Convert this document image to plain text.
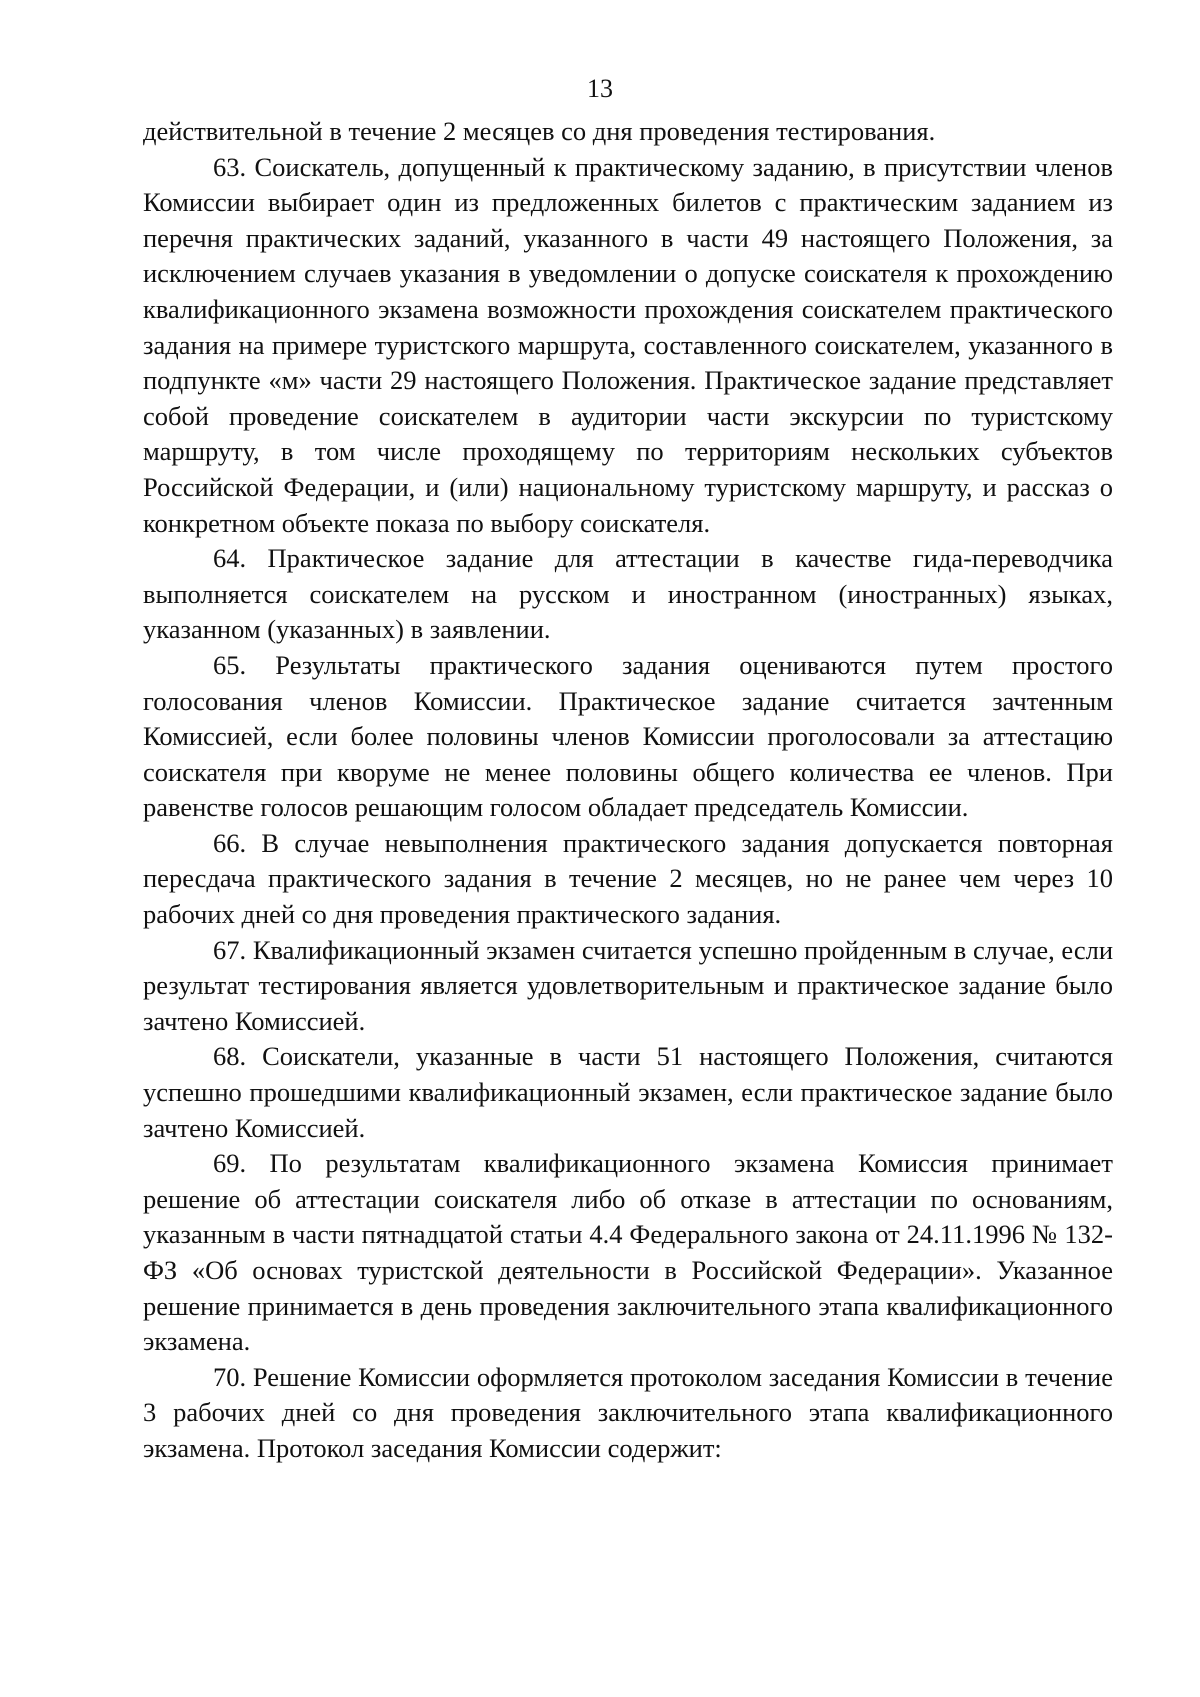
13

действительной в течение 2 месяцев со дня проведения тестирования.

63. Соискатель, допущенный к практическому заданию, в присутствии членов Комиссии выбирает один из предложенных билетов с практическим заданием из перечня практических заданий, указанного в части 49 настоящего Положения, за исключением случаев указания в уведомлении о допуске соискателя к прохождению квалификационного экзамена возможности прохождения соискателем практического задания на примере туристского маршрута, составленного соискателем, указанного в подпункте «м» части 29 настоящего Положения. Практическое задание представляет собой проведение соискателем в аудитории части экскурсии по туристскому маршруту, в том числе проходящему по территориям нескольких субъектов Российской Федерации, и (или) национальному туристскому маршруту, и рассказ о конкретном объекте показа по выбору соискателя.

64. Практическое задание для аттестации в качестве гида-переводчика выполняется соискателем на русском и иностранном (иностранных) языках, указанном (указанных) в заявлении.

65. Результаты практического задания оцениваются путем простого голосования членов Комиссии. Практическое задание считается зачтенным Комиссией, если более половины членов Комиссии проголосовали за аттестацию соискателя при кворуме не менее половины общего количества ее членов. При равенстве голосов решающим голосом обладает председатель Комиссии.

66. В случае невыполнения практического задания допускается повторная пересдача практического задания в течение 2 месяцев, но не ранее чем через 10 рабочих дней со дня проведения практического задания.

67. Квалификационный экзамен считается успешно пройденным в случае, если результат тестирования является удовлетворительным и практическое задание было зачтено Комиссией.

68. Соискатели, указанные в части 51 настоящего Положения, считаются успешно прошедшими квалификационный экзамен, если практическое задание было зачтено Комиссией.

69. По результатам квалификационного экзамена Комиссия принимает решение об аттестации соискателя либо об отказе в аттестации по основаниям, указанным в части пятнадцатой статьи 4.4 Федерального закона от 24.11.1996 № 132-ФЗ «Об основах туристской деятельности в Российской Федерации». Указанное решение принимается в день проведения заключительного этапа квалификационного экзамена.

70. Решение Комиссии оформляется протоколом заседания Комиссии в течение 3 рабочих дней со дня проведения заключительного этапа квалификационного экзамена. Протокол заседания Комиссии содержит:
